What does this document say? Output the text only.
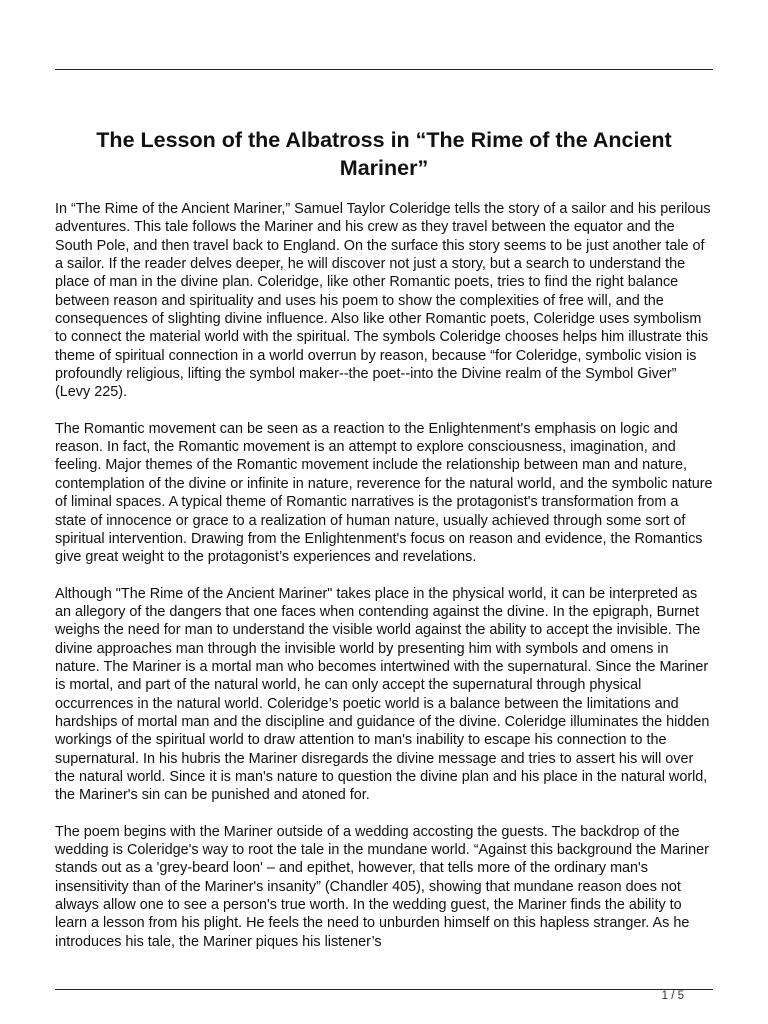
The Lesson of the Albatross in “The Rime of the Ancient Mariner”

In “The Rime of the Ancient Mariner,” Samuel Taylor Coleridge tells the story of a sailor and his perilous adventures. This tale follows the Mariner and his crew as they travel between the equator and the South Pole, and then travel back to England. On the surface this story seems to be just another tale of a sailor. If the reader delves deeper, he will discover not just a story, but a search to understand the place of man in the divine plan. Coleridge, like other Romantic poets, tries to find the right balance between reason and spirituality and uses his poem to show the complexities of free will, and the consequences of slighting divine influence. Also like other Romantic poets, Coleridge uses symbolism to connect the material world with the spiritual. The symbols Coleridge chooses helps him illustrate this theme of spiritual connection in a world overrun by reason, because “for Coleridge, symbolic vision is profoundly religious, lifting the symbol maker--the poet--into the Divine realm of the Symbol Giver” (Levy 225).

The Romantic movement can be seen as a reaction to the Enlightenment's emphasis on logic and reason. In fact, the Romantic movement is an attempt to explore consciousness, imagination, and feeling. Major themes of the Romantic movement include the relationship between man and nature, contemplation of the divine or infinite in nature, reverence for the natural world, and the symbolic nature of liminal spaces. A typical theme of Romantic narratives is the protagonist's transformation from a state of innocence or grace to a realization of human nature, usually achieved through some sort of spiritual intervention. Drawing from the Enlightenment's focus on reason and evidence, the Romantics give great weight to the protagonist’s experiences and revelations.

Although "The Rime of the Ancient Mariner" takes place in the physical world, it can be interpreted as an allegory of the dangers that one faces when contending against the divine. In the epigraph, Burnet weighs the need for man to understand the visible world against the ability to accept the invisible. The divine approaches man through the invisible world by presenting him with symbols and omens in nature. The Mariner is a mortal man who becomes intertwined with the supernatural. Since the Mariner is mortal, and part of the natural world, he can only accept the supernatural through physical occurrences in the natural world. Coleridge’s poetic world is a balance between the limitations and hardships of mortal man and the discipline and guidance of the divine. Coleridge illuminates the hidden workings of the spiritual world to draw attention to man's inability to escape his connection to the supernatural. In his hubris the Mariner disregards the divine message and tries to assert his will over the natural world. Since it is man's nature to question the divine plan and his place in the natural world, the Mariner's sin can be punished and atoned for.

The poem begins with the Mariner outside of a wedding accosting the guests. The backdrop of the wedding is Coleridge's way to root the tale in the mundane world. “Against this background the Mariner stands out as a 'grey-beard loon' – and epithet, however, that tells more of the ordinary man's insensitivity than of the Mariner's insanity” (Chandler 405), showing that mundane reason does not always allow one to see a person's true worth. In the wedding guest, the Mariner finds the ability to learn a lesson from his plight. He feels the need to unburden himself on this hapless stranger. As he introduces his tale, the Mariner piques his listener’s

1 / 5
